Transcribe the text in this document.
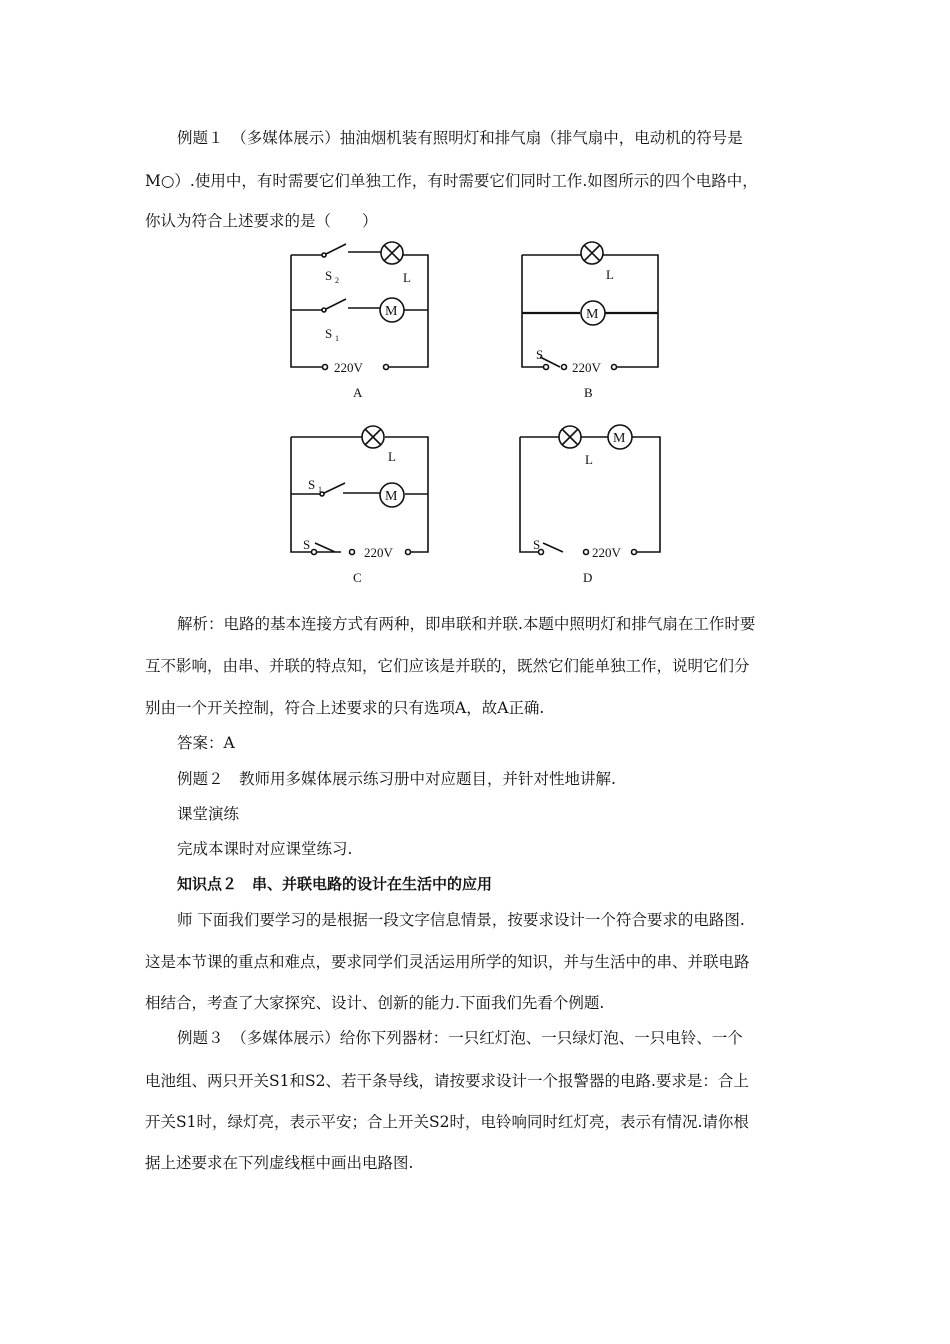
例题１　（多媒体展示）抽油烟机装有照明灯和排气扇（排气扇中，电动机的符号是
M○）.使用中，有时需要它们单独工作，有时需要它们同时工作.如图所示的四个电路中，
你认为符合上述要求的是（　　）
M
220V
S 2	L
S 1
A
M
220V
L
S
B
M
220V
L
S 1
S
C
M
220V
L
S
D
解析：电路的基本连接方式有两种，即串联和并联.本题中照明灯和排气扇在工作时要
互不影响，由串、并联的特点知，它们应该是并联的，既然它们能单独工作，说明它们分
别由一个开关控制，符合上述要求的只有选项A，故A正确.
答案：A
例题２　教师用多媒体展示练习册中对应题目，并针对性地讲解.
课堂演练
完成本课时对应课堂练习.
知识点２　串、并联电路的设计在生活中的应用
师 下面我们要学习的是根据一段文字信息情景，按要求设计一个符合要求的电路图.
这是本节课的重点和难点，要求同学们灵活运用所学的知识，并与生活中的串、并联电路
相结合，考查了大家探究、设计、创新的能力.下面我们先看个例题.
例题３　（多媒体展示）给你下列器材：一只红灯泡、一只绿灯泡、一只电铃、一个
电池组、两只开关S1和S2、若干条导线，请按要求设计一个报警器的电路.要求是：合上
开关S1时，绿灯亮，表示平安；合上开关S2时，电铃响同时红灯亮，表示有情况.请你根
据上述要求在下列虚线框中画出电路图.
